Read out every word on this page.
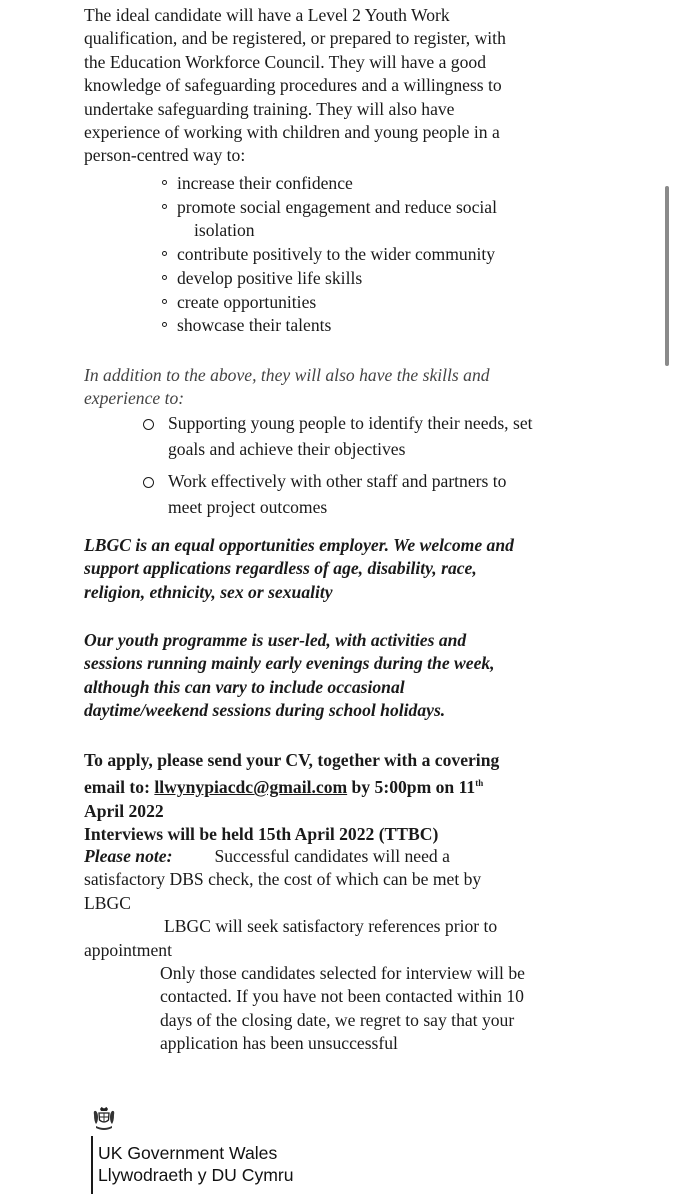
The ideal candidate will have a Level 2 Youth Work
qualification, and be registered, or prepared to register, with
the Education Workforce Council. They will have a good
knowledge of safeguarding procedures and a willingness to
undertake safeguarding training. They will also have
experience of working with children and young people in a
person-centred way to:
increase their confidence
promote social engagement and reduce social
isolation
contribute positively to the wider community
develop positive life skills
create opportunities
showcase their talents
In addition to the above, they will also have the skills and
experience to:
Supporting young people to identify their needs, set
goals and achieve their objectives
Work effectively with other staff and partners to
meet project outcomes
LBGC is an equal opportunities employer. We welcome and
support applications regardless of age, disability, race,
religion, ethnicity, sex or sexuality
Our youth programme is user-led, with activities and
sessions running mainly early evenings during the week,
although this can vary to include occasional
daytime/weekend sessions during school holidays.
To apply, please send your CV, together with a covering
email to: llwynypiacdc@gmail.com by 5:00pm on 11th
April 2022
Interviews will be held 15th April 2022 (TTBC)
Please note: Successful candidates will need a
satisfactory DBS check, the cost of which can be met by
LBGC
LBGC will seek satisfactory references prior to
appointment
Only those candidates selected for interview will be
contacted. If you have not been contacted within 10
days of the closing date, we regret to say that your
application has been unsuccessful
UK Government Wales
Llywodraeth y DU Cymru
